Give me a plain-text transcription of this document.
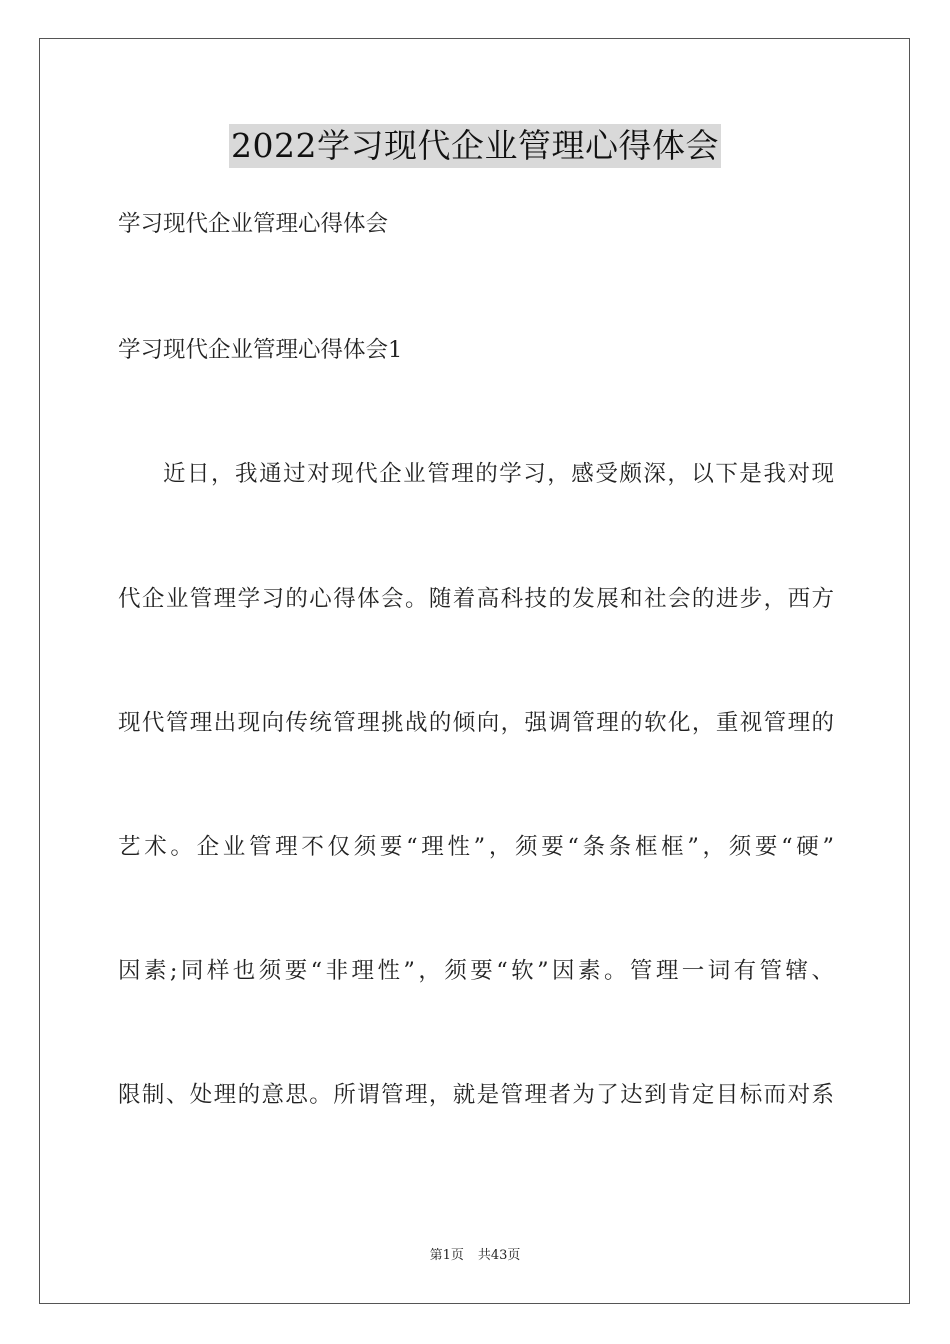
2022学习现代企业管理心得体会
学习现代企业管理心得体会
学习现代企业管理心得体会1
近日，我通过对现代企业管理的学习，感受颇深，以下是我对现
代企业管理学习的心得体会。随着高科技的发展和社会的进步，西方
现代管理出现向传统管理挑战的倾向，强调管理的软化，重视管理的
艺术。企业管理不仅须要“理性”，须要“条条框框”，须要“硬”
因素;同样也须要“非理性”，须要“软”因素。管理一词有管辖、
限制、处理的意思。所谓管理，就是管理者为了达到肯定目标而对系
第1页 共43页
